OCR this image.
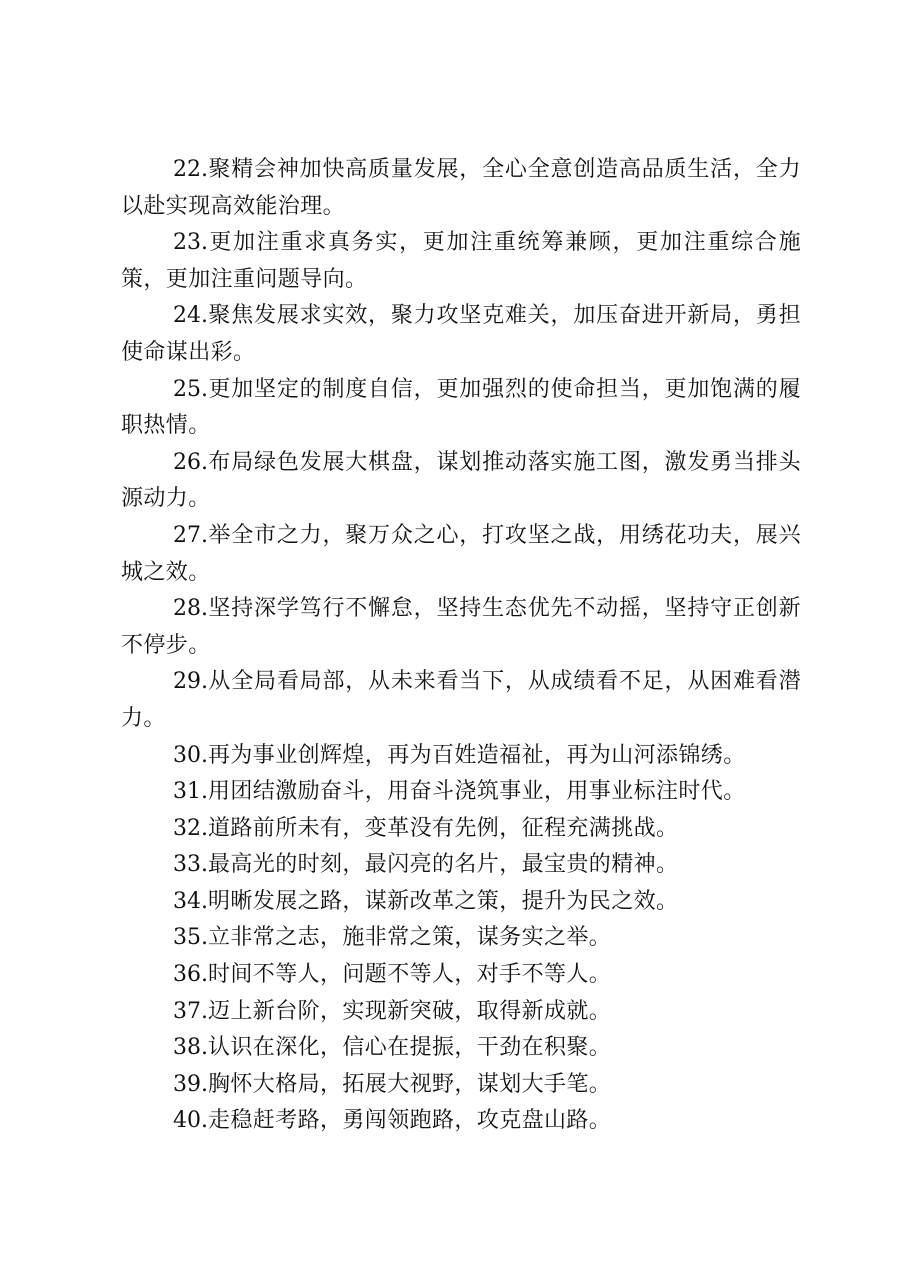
22.聚精会神加快高质量发展，全心全意创造高品质生活，全力以赴实现高效能治理。

23.更加注重求真务实，更加注重统筹兼顾，更加注重综合施策，更加注重问题导向。

24.聚焦发展求实效，聚力攻坚克难关，加压奋进开新局，勇担使命谋出彩。

25.更加坚定的制度自信，更加强烈的使命担当，更加饱满的履职热情。

26.布局绿色发展大棋盘，谋划推动落实施工图，激发勇当排头源动力。

27.举全市之力，聚万众之心，打攻坚之战，用绣花功夫，展兴城之效。

28.坚持深学笃行不懈怠，坚持生态优先不动摇，坚持守正创新不停步。

29.从全局看局部，从未来看当下，从成绩看不足，从困难看潜力。

30.再为事业创辉煌，再为百姓造福祉，再为山河添锦绣。

31.用团结激励奋斗，用奋斗浇筑事业，用事业标注时代。

32.道路前所未有，变革没有先例，征程充满挑战。

33.最高光的时刻，最闪亮的名片，最宝贵的精神。

34.明晰发展之路，谋新改革之策，提升为民之效。

35.立非常之志，施非常之策，谋务实之举。

36.时间不等人，问题不等人，对手不等人。

37.迈上新台阶，实现新突破，取得新成就。

38.认识在深化，信心在提振，干劲在积聚。

39.胸怀大格局，拓展大视野，谋划大手笔。

40.走稳赶考路，勇闯领跑路，攻克盘山路。
